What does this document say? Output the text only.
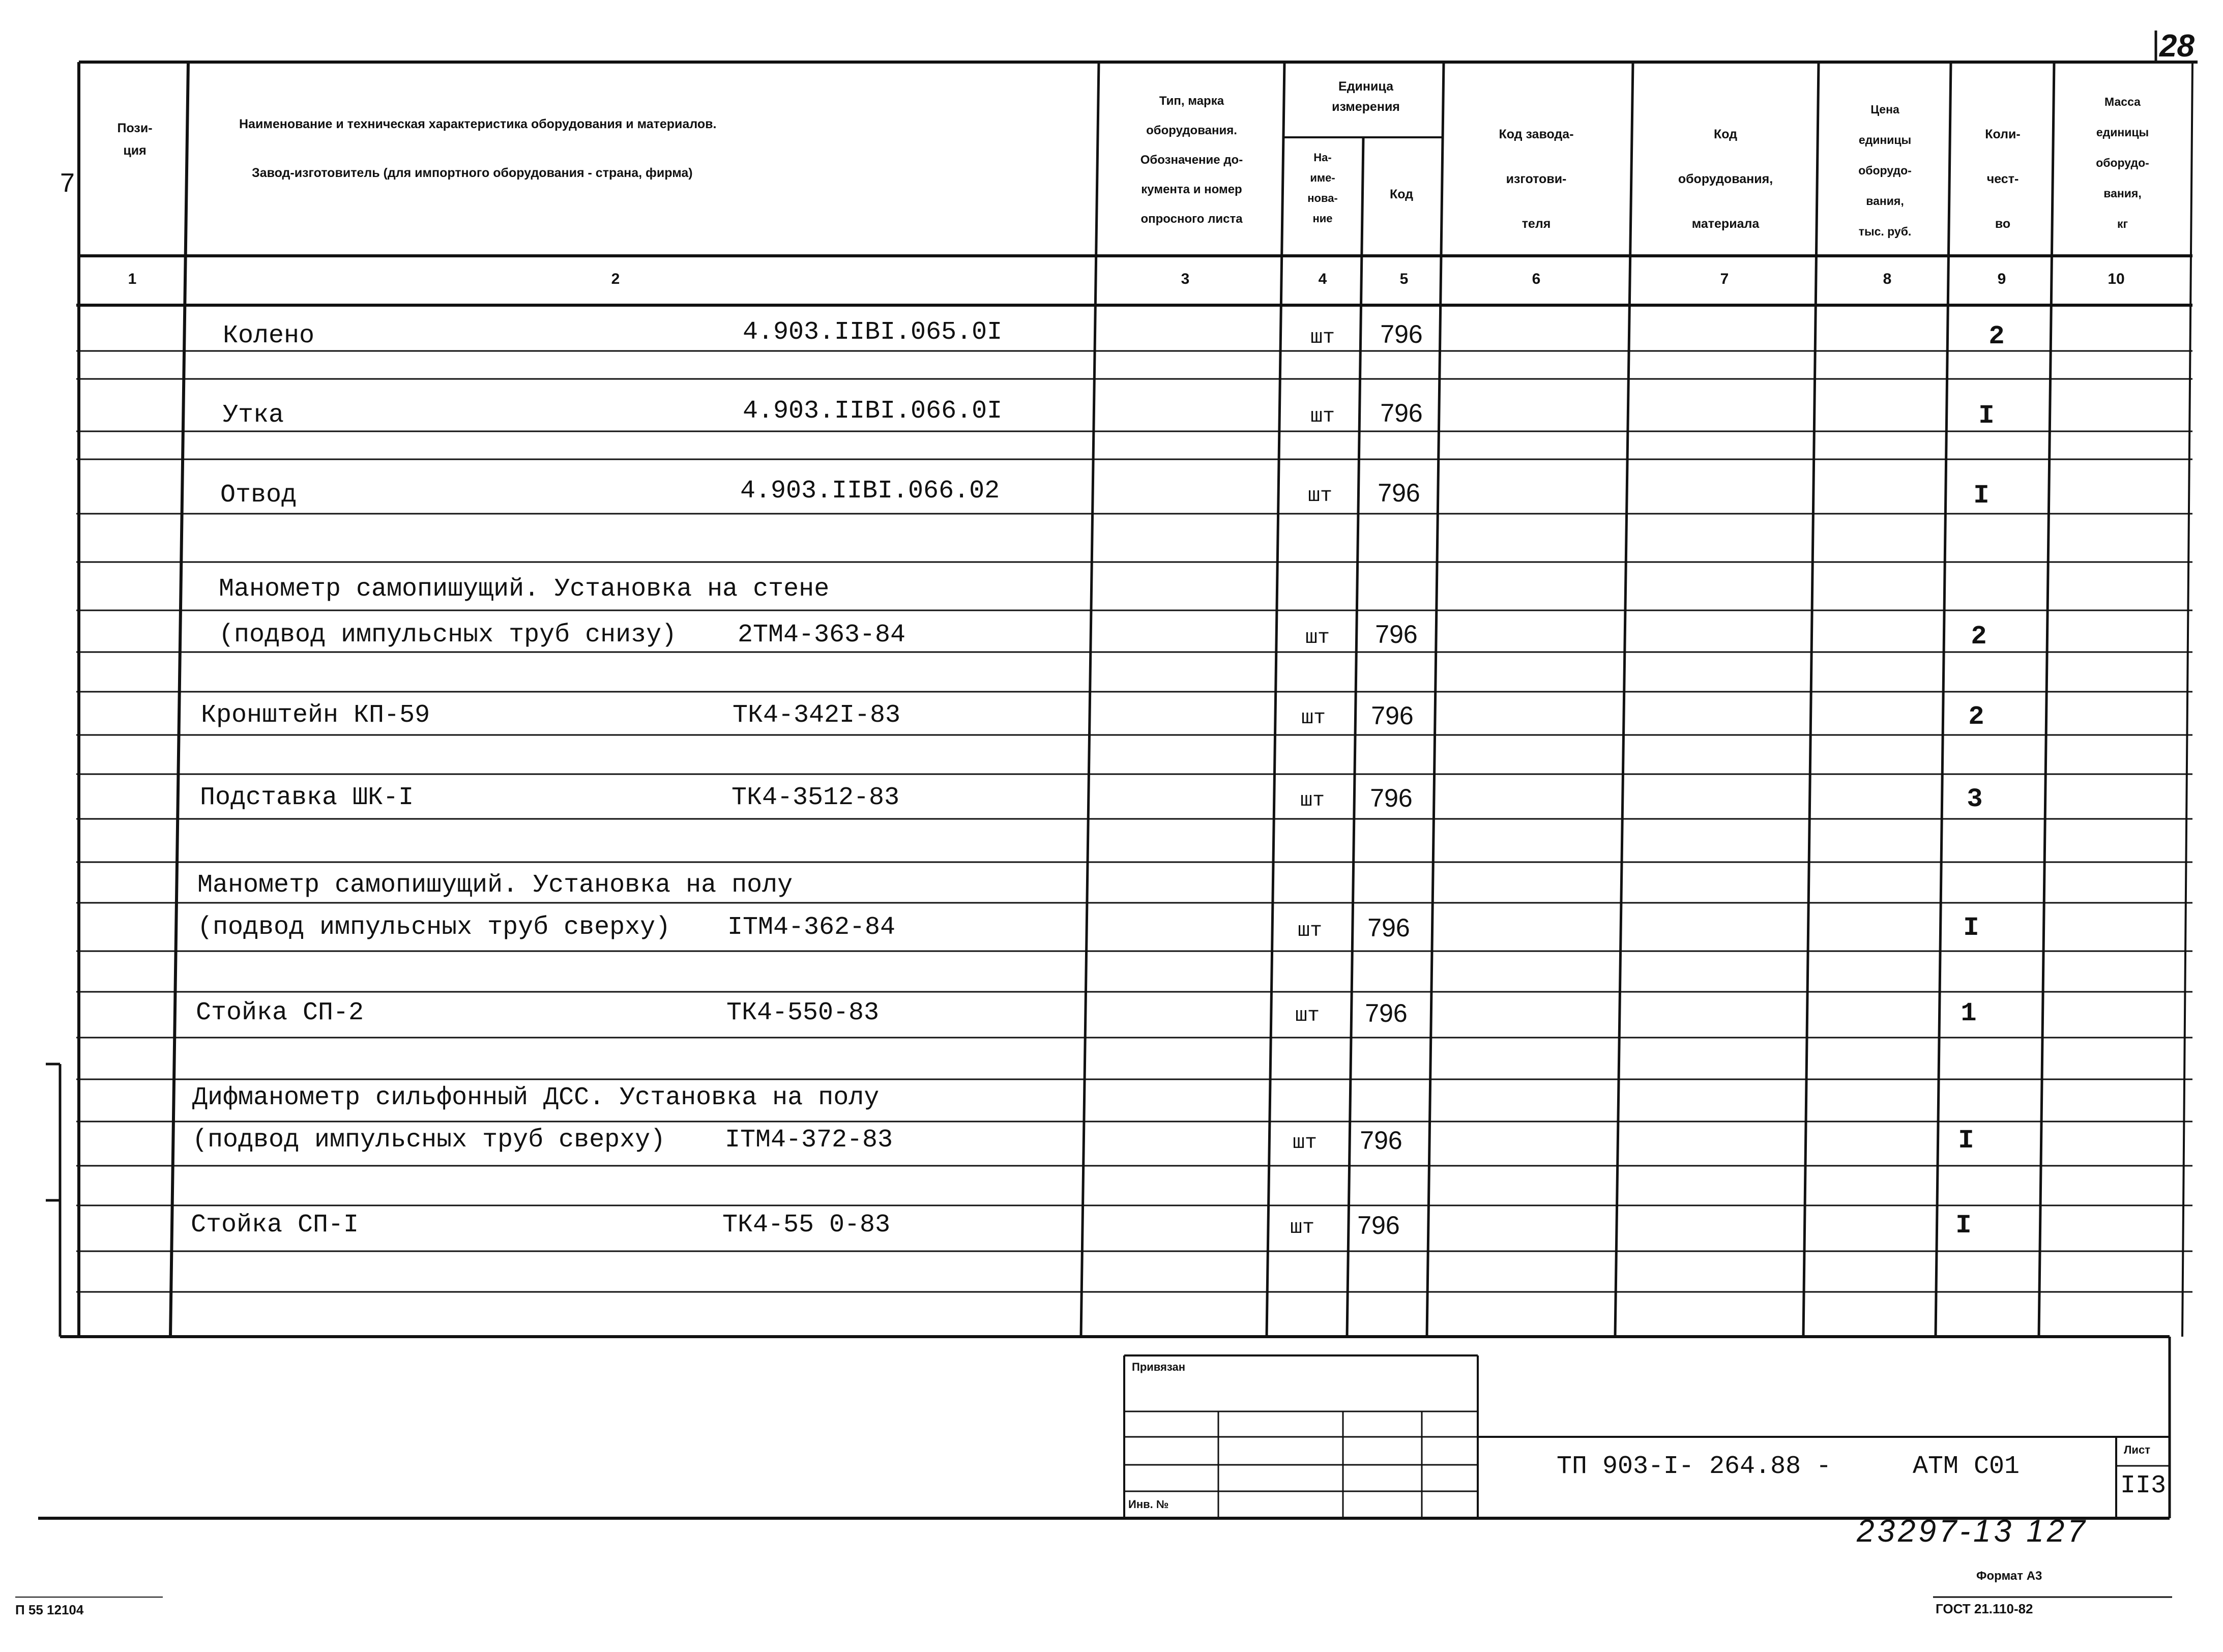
28
7
Пози-
ция
Наименование и техническая характеристика оборудования и материалов.
Завод-изготовитель (для импортного оборудования - страна, фирма)
Тип, марка
оборудования.
Обозначение до-
кумента и номер
опросного листа
Единица
измерения
На-
име-
нова-
ние
Код
Код завода-
изготови-
теля
Код
оборудования,
материала
Цена
единицы
оборудо-
вания,
тыс. руб.
Коли-
чест-
во
Масса
единицы
оборудо-
вания,
кг
1	2	3	4	5	6	7	8	9	10
Колено	4.903.IIBI.065.0I	шт	796	2
Утка	4.903.IIBI.066.0I	шт	796	I
Отвод	4.903.IIBI.066.02	шт	796	I
Манометр самопишущий. Установка на стене
(подвод импульсных труб снизу) 2ТМ4-363-84	шт	796	2
Кронштейн КП-59	ТК4-342I-83	шт	796	2
Подставка ШК-I	ТК4-3512-83	шт	796	3
Манометр самопишущий. Установка на полу
(подвод импульсных труб сверху) IТМ4-362-84	шт	796	I
Стойка СП-2	ТК4-550-83	шт	796	1
Дифманометр сильфонный ДСС. Установка на полу
(подвод импульсных труб сверху) IТМ4-372-83	шт	796	I
Стойка СП-I	ТК4-55 0-83	шт	796	I
Привязан
Инв. №
ТП 903-I- 264.88 -	АТМ С01
Лист
II3
23297-13 127
П 55 12104
Формат А3
ГОСТ 21.110-82
